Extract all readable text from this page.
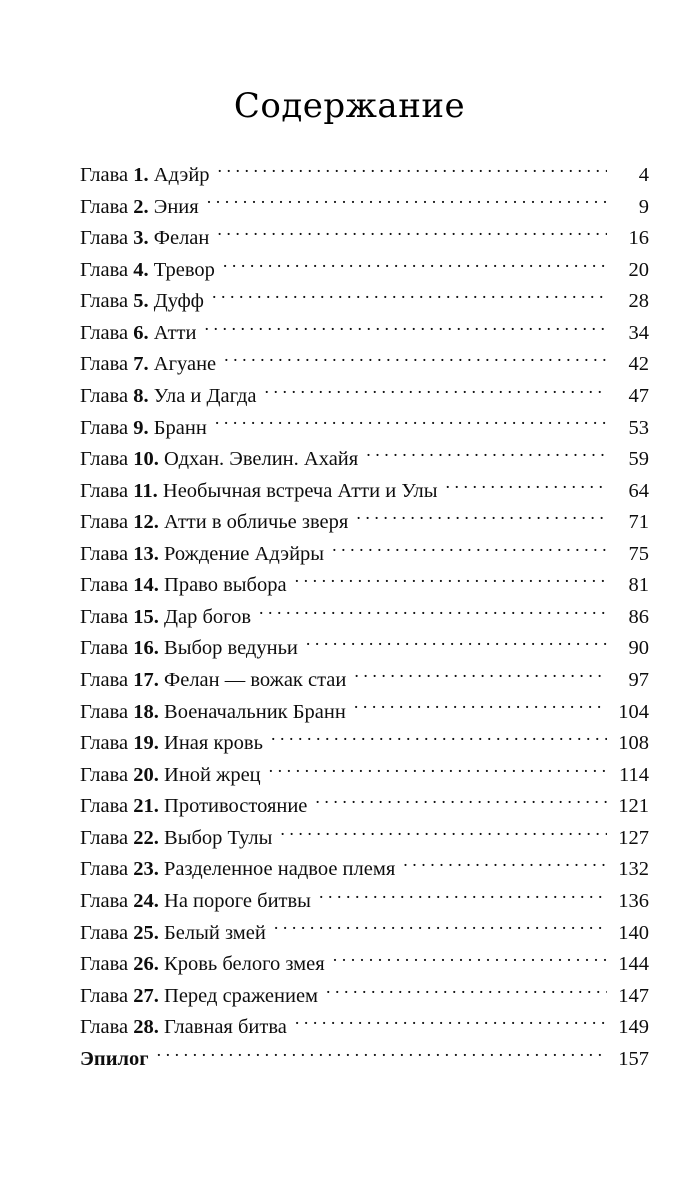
Содержание
Глава 1. Адэйр . . .	4
Глава 2. Эния . . .	9
Глава 3. Фелан . . .	16
Глава 4. Тревор . . .	20
Глава 5. Дуфф . . .	28
Глава 6. Атти . . .	34
Глава 7. Агуане . . .	42
Глава 8. Ула и Дагда . . .	47
Глава 9. Бранн . . .	53
Глава 10. Одхан. Эвелин. Ахайя . . .	59
Глава 11. Необычная встреча Атти и Улы . . .	64
Глава 12. Атти в обличье зверя . . .	71
Глава 13. Рождение Адэйры . . .	75
Глава 14. Право выбора . . .	81
Глава 15. Дар богов . . .	86
Глава 16. Выбор ведуньи . . .	90
Глава 17. Фелан — вожак стаи . . .	97
Глава 18. Военачальник Бранн . . .	104
Глава 19. Иная кровь . . .	108
Глава 20. Иной жрец . . .	114
Глава 21. Противостояние . . .	121
Глава 22. Выбор Тулы . . .	127
Глава 23. Разделенное надвое племя . . .	132
Глава 24. На пороге битвы . . .	136
Глава 25. Белый змей . . .	140
Глава 26. Кровь белого змея . . .	144
Глава 27. Перед сражением . . .	147
Глава 28. Главная битва . . .	149
Эпилог . . .	157
